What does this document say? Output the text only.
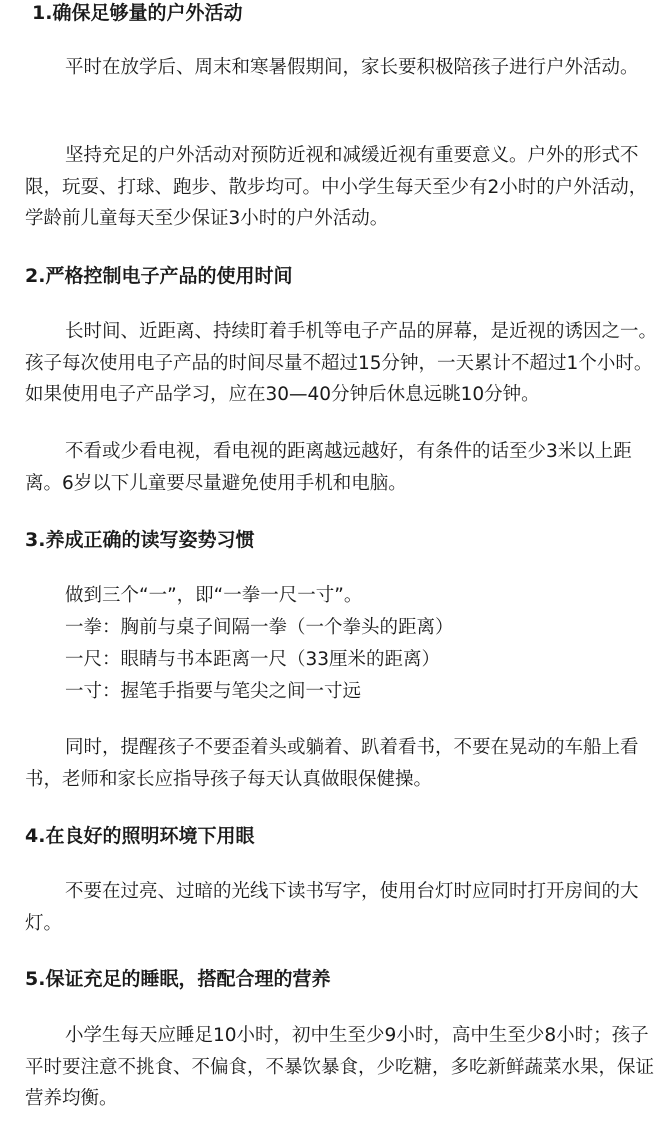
1.确保足够量的户外活动
平时在放学后、周末和寒暑假期间，家长要积极陪孩子进行户外活动。
坚持充足的户外活动对预防近视和减缓近视有重要意义。户外的形式不限，玩耍、打球、跑步、散步均可。中小学生每天至少有2小时的户外活动，学龄前儿童每天至少保证3小时的户外活动。
2.严格控制电子产品的使用时间
长时间、近距离、持续盯着手机等电子产品的屏幕，是近视的诱因之一。孩子每次使用电子产品的时间尽量不超过15分钟，一天累计不超过1个小时。如果使用电子产品学习，应在30—40分钟后休息远眺10分钟。
不看或少看电视，看电视的距离越远越好，有条件的话至少3米以上距离。6岁以下儿童要尽量避免使用手机和电脑。
3.养成正确的读写姿势习惯
做到三个“一”，即“一拳一尺一寸”。
一拳：胸前与桌子间隔一拳（一个拳头的距离）
一尺：眼睛与书本距离一尺（33厘米的距离）
一寸：握笔手指要与笔尖之间一寸远
同时，提醒孩子不要歪着头或躺着、趴着看书，不要在晃动的车船上看书，老师和家长应指导孩子每天认真做眼保健操。
4.在良好的照明环境下用眼
不要在过亮、过暗的光线下读书写字，使用台灯时应同时打开房间的大灯。
5.保证充足的睡眠，搭配合理的营养
小学生每天应睡足10小时，初中生至少9小时，高中生至少8小时；孩子平时要注意不挑食、不偏食，不暴饮暴食，少吃糖，多吃新鲜蔬菜水果，保证营养均衡。
